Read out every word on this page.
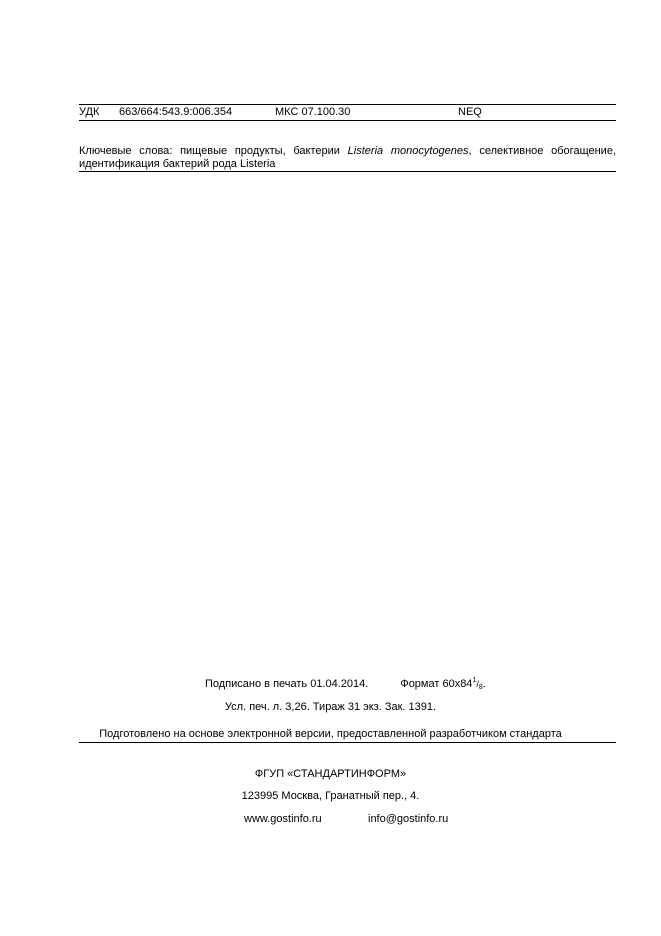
УДК 663/664:543.9:006.354	МКС 07.100.30	NEQ
Ключевые слова: пищевые продукты, бактерии Listeria monocytogenes, селективное обогащение,
идентификация бактерий рода Listeria
Подписано в печать 01.04.2014.	Формат $60x84^1/_8$.
Усл. печ. л. 3,26. Тираж 31 экз. Зак. 1391.
Подготовлено на основе электронной версии, предоставленной разработчиком стандарта
ФГУП «СТАНДАРТИНФОРМ»
123995 Москва, Гранатный пер., 4.
www.gostinfo.ru	info@gostinfo.ru
